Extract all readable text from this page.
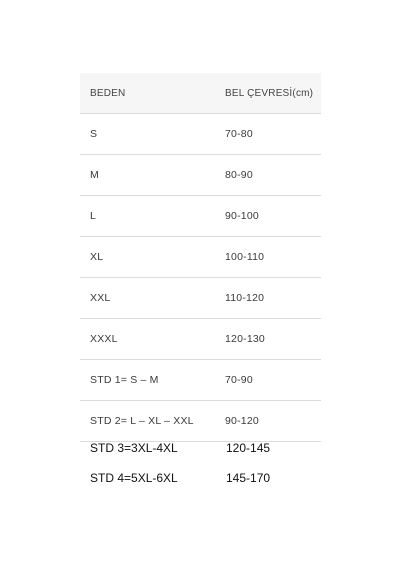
BEDEN	BEL ÇEVRESİ(cm)
S	70-80
M	80-90
L	90-100
XL	100-110
XXL	110-120
XXXL	120-130
STD 1= S – M	70-90
STD 2= L – XL – XXL	90-120
STD 3=3XL-4XL	120-145
STD 4=5XL-6XL	145-170
